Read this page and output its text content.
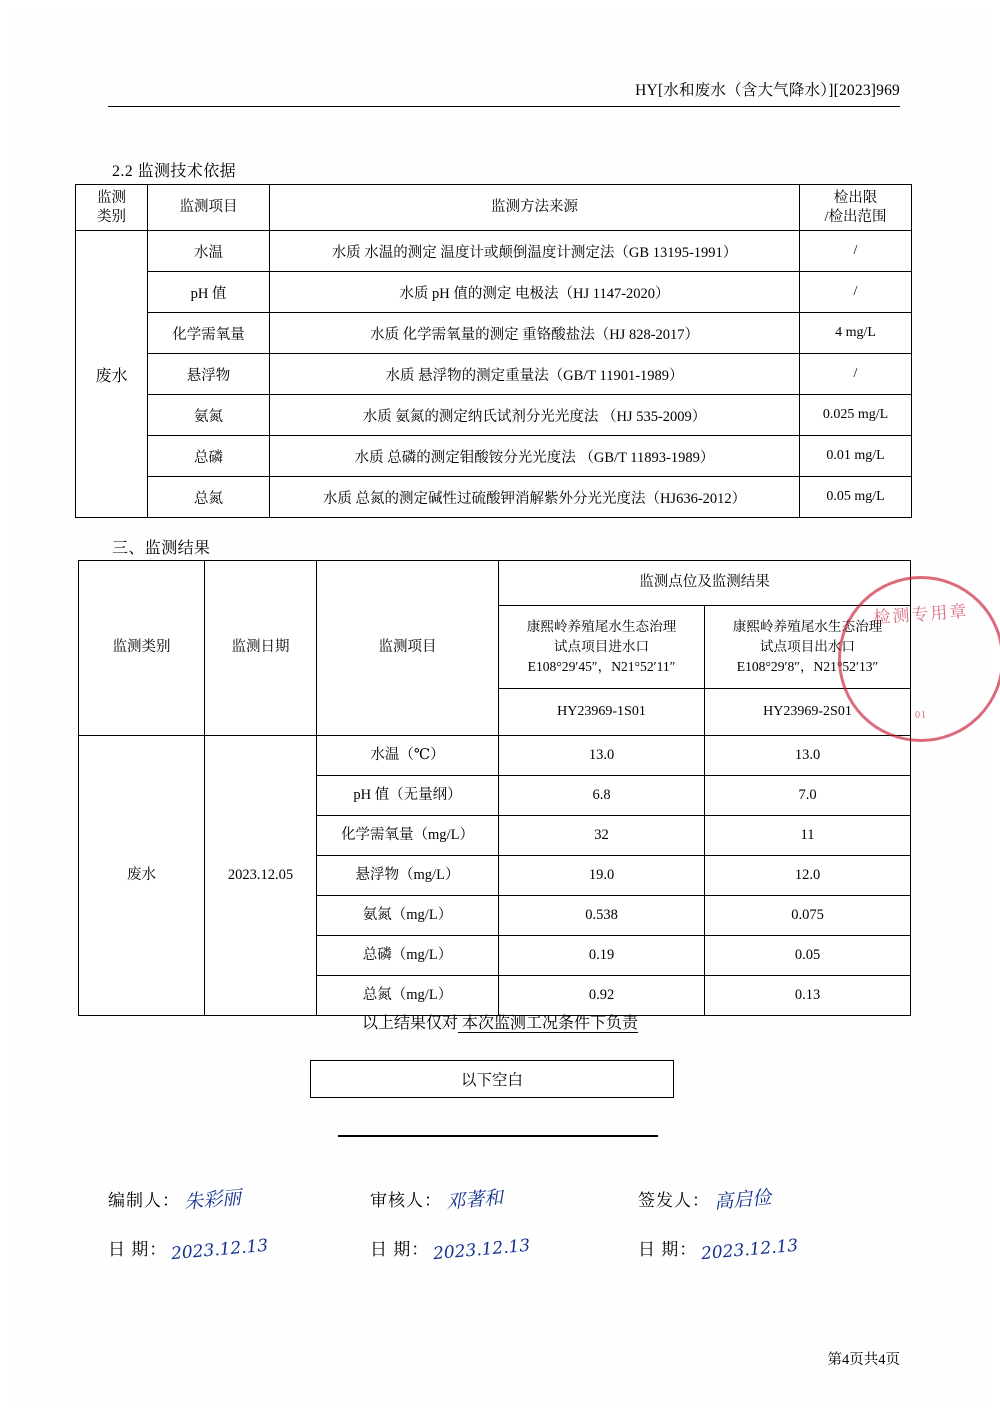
HY[水和废水（含大气降水）][2023]969
2.2 监测技术依据
监测
类别	监测项目	监测方法来源	检出限
/检出范围
废水	水温	水质 水温的测定 温度计或颠倒温度计测定法（GB 13195-1991）	/
	pH 值	水质 pH 值的测定 电极法（HJ 1147-2020）	/
	化学需氧量	水质 化学需氧量的测定 重铬酸盐法（HJ 828-2017）	4 mg/L
	悬浮物	水质 悬浮物的测定重量法（GB/T 11901-1989）	/
	氨氮	水质 氨氮的测定纳氏试剂分光光度法 （HJ 535-2009）	0.025 mg/L
	总磷	水质 总磷的测定钼酸铵分光光度法 （GB/T 11893-1989）	0.01 mg/L
	总氮	水质 总氮的测定碱性过硫酸钾消解紫外分光光度法（HJ636-2012）	0.05 mg/L
三、监测结果
监测类别	监测日期	监测项目	监测点位及监测结果	
			康熙岭养殖尾水生态治理
试点项目进水口
E108°29′45″，N21°52′11″	康熙岭养殖尾水生态治理
试点项目出水口
E108°29′8″，N21°52′13″
			HY23969-1S01	HY23969-2S01
废水	2023.12.05	水温（℃）	13.0	13.0
		pH 值（无量纲）	6.8	7.0
		化学需氧量（mg/L）	32	11
		悬浮物（mg/L）	19.0	12.0
		氨氮（mg/L）	0.538	0.075
		总磷（mg/L）	0.19	0.05
		总氮（mg/L）	0.92	0.13
检测专用章
01
以上结果仅对 本次监测工况条件下负责
以下空白
编制人： 朱彩丽	审核人： 邓著和	签发人： 高启俭
日 期： 2023.12.13	日 期： 2023.12.13	日 期： 2023.12.13
第4页共4页
